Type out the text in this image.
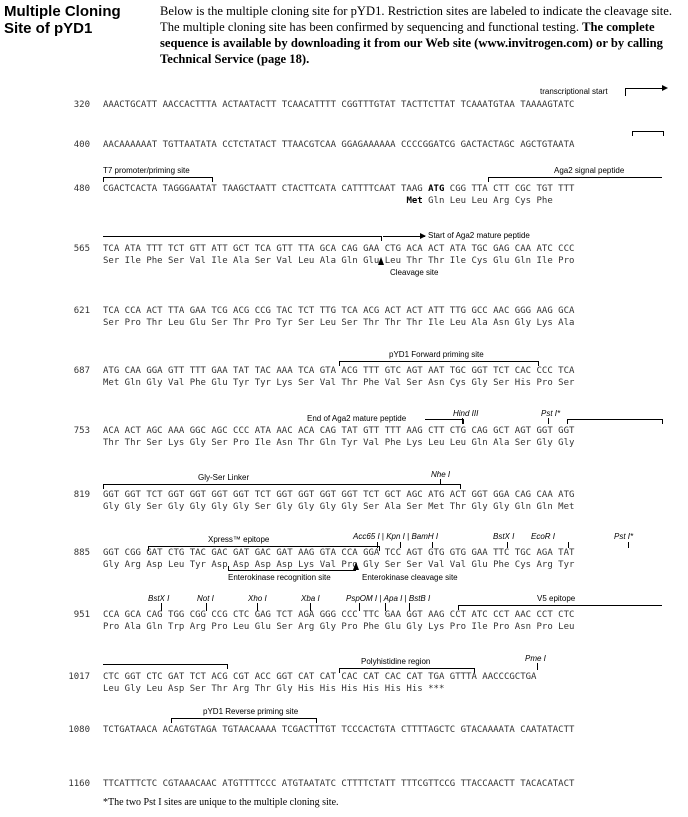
Multiple Cloning
Site of pYD1
Below is the multiple cloning site for pYD1. Restriction sites are labeled to indicate the cleavage site. The multiple cloning site has been confirmed by sequencing and functional testing. The complete sequence is available by downloading it from our Web site (www.invitrogen.com) or by calling Technical Service (page 18).
transcriptional start
320 AAACTGCATT AACCACTTTA ACTAATACTT TCAACATTTT CGGTTTGTAT TACTTCTTAT TCAAATGTAA TAAAAGTATC
400 AACAAAAAAT TGTTAATATA CCTCTATACT TTAACGTCAA GGAGAAAAAA CCCCGGATCG GACTACTAGC AGCTGTAATA
T7 promoter/priming site	Aga2 signal peptide
480 CGACTCACTA TAGGGAATAT TAAGCTAATT CTACTTCATA CATTTTCAAT TAAG ATG CGG TTA CTT CGC TGT TTT
Met Gln Leu Leu Arg Cys Phe
Start of Aga2 mature peptide
565 TCA ATA TTT TCT GTT ATT GCT TCA GTT TTA GCA CAG GAA CTG ACA ACT ATA TGC GAG CAA ATC CCC
Ser Ile Phe Ser Val Ile Ala Ser Val Leu Ala Gln Glu Leu Thr Thr Ile Cys Glu Gln Ile Pro
Cleavage site
621 TCA CCA ACT TTA GAA TCG ACG CCG TAC TCT TTG TCA ACG ACT ACT ATT TTG GCC AAC GGG AAG GCA
Ser Pro Thr Leu Glu Ser Thr Pro Tyr Ser Leu Ser Thr Thr Thr Ile Leu Ala Asn Gly Lys Ala
pYD1 Forward priming site
687 ATG CAA GGA GTT TTT GAA TAT TAC AAA TCA GTA ACG TTT GTC AGT AAT TGC GGT TCT CAC CCC TCA
Met Gln Gly Val Phe Glu Tyr Tyr Lys Ser Val Thr Phe Val Ser Asn Cys Gly Ser His Pro Ser
End of Aga2 mature peptide
Hind III	Pst I*
753 ACA ACT AGC AAA GGC AGC CCC ATA AAC ACA CAG TAT GTT TTT AAG CTT CTG CAG GCT AGT GGT GGT
Thr Thr Ser Lys Gly Ser Pro Ile Asn Thr Gln Tyr Val Phe Lys Leu Leu Gln Ala Ser Gly Gly
Gly-Ser Linker	Nhe I
819 GGT GGT TCT GGT GGT GGT GGT TCT GGT GGT GGT GGT TCT GCT AGC ATG ACT GGT GGA CAG CAA ATG
Gly Gly Ser Gly Gly Gly Gly Ser Gly Gly Gly Gly Ser Ala Ser Met Thr Gly Gly Gln Gln Met
Xpress™ epitope	Acc65 I | Kpn I | BamH I	BstX I EcoR I	Pst I*
885 GGT CGG GAT CTG TAC GAC GAT GAC GAT AAG GTA CCA GGA TCC AGT GTG GTG GAA TTC TGC AGA TAT
Gly Arg Asp Leu Tyr Asp Asp Asp Asp Lys Val Pro Gly Ser Ser Val Val Glu Phe Cys Arg Tyr
Enterokinase recognition site	Enterokinase cleavage site
BstX I	Not I	Xho I	Xba I	PspOM I | Apa I | BstB I	V5 epitope
951 CCA GCA CAG TGG CGG CCG CTC GAG TCT AGA GGG CCC TTC GAA GGT AAG CCT ATC CCT AAC CCT CTC
Pro Ala Gln Trp Arg Pro Leu Glu Ser Arg Gly Pro Phe Glu Gly Lys Pro Ile Pro Asn Pro Leu
Polyhistidine region	Pme I
1017 CTC GGT CTC GAT TCT ACG CGT ACC GGT CAT CAT CAC CAT CAC CAT TGA GTTTA AACCCGCTGA
Leu Gly Leu Asp Ser Thr Arg Thr Gly His His His His His His ***
pYD1 Reverse priming site
1080 TCTGATAACA ACAGTGTAGA TGTAACAAAA TCGACTTTGT TCCCACTGTA CTTTTAGCTC GTACAAAATA CAATATACTT
1160 TTCATTTCTC CGTAAACAAC ATGTTTTCCC ATGTAATATC CTTTTCTATT TTTCGTTCCG TTACCAACTT TACACATACT
*The two Pst I sites are unique to the multiple cloning site.
